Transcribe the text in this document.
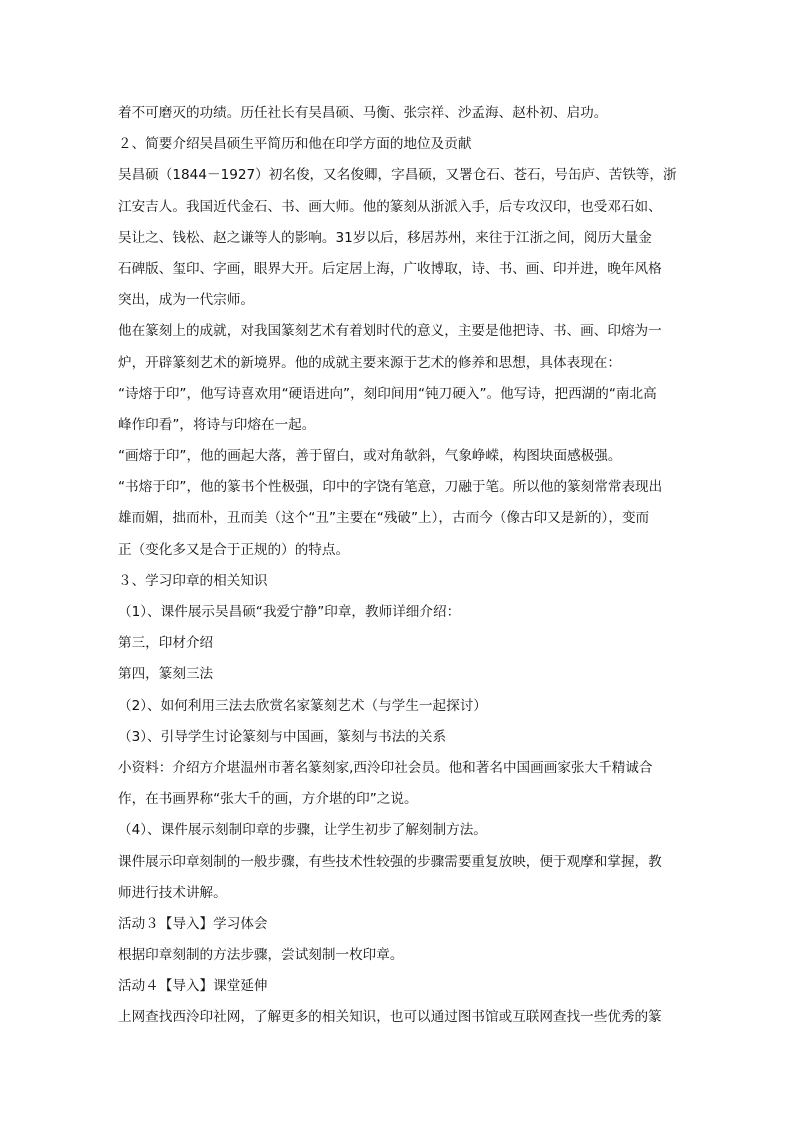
着不可磨灭的功绩。历任社长有吴昌硕、马衡、张宗祥、沙孟海、赵朴初、启功。
２、简要介绍吴昌硕生平简历和他在印学方面的地位及贡献
吴昌硕（1844－1927）初名俊，又名俊卿，字昌硕，又署仓石、苍石，号缶庐、苦铁等，浙
江安吉人。我国近代金石、书、画大师。他的篆刻从浙派入手，后专攻汉印，也受邓石如、
吴让之、钱松、赵之谦等人的影响。31岁以后，移居苏州，来往于江浙之间，阅历大量金
石碑版、玺印、字画，眼界大开。后定居上海，广收博取，诗、书、画、印并进，晚年风格
突出，成为一代宗师。
他在篆刻上的成就，对我国篆刻艺术有着划时代的意义，主要是他把诗、书、画、印熔为一
炉，开辟篆刻艺术的新境界。他的成就主要来源于艺术的修养和思想，具体表现在：
“诗熔于印”，他写诗喜欢用“硬语进向”，刻印间用“钝刀硬入”。他写诗，把西湖的“南北高
峰作印看”，将诗与印熔在一起。
“画熔于印”，他的画起大落，善于留白，或对角欹斜，气象峥嵘，构图块面感极强。
“书熔于印”，他的篆书个性极强，印中的字饶有笔意，刀融于笔。所以他的篆刻常常表现出
雄而媚，拙而朴，丑而美（这个“丑”主要在“残破”上），古而今（像古印又是新的），变而
正（变化多又是合于正规的）的特点。
３、学习印章的相关知识
（1）、课件展示吴昌硕“我爱宁静”印章，教师详细介绍：
第三，印材介绍
第四，篆刻三法
（2）、如何利用三法去欣赏名家篆刻艺术（与学生一起探讨）
（3）、引导学生讨论篆刻与中国画，篆刻与书法的关系
小资料：介绍方介堪温州市著名篆刻家,西泠印社会员。他和著名中国画画家张大千精诚合
作，在书画界称“张大千的画，方介堪的印”之说。
（4）、课件展示刻制印章的步骤，让学生初步了解刻制方法。
课件展示印章刻制的一般步骤，有些技术性较强的步骤需要重复放映，便于观摩和掌握，教
师进行技术讲解。
活动３【导入】学习体会
根据印章刻制的方法步骤，尝试刻制一枚印章。
活动４【导入】课堂延伸
上网查找西泠印社网，了解更多的相关知识，也可以通过图书馆或互联网查找一些优秀的篆
